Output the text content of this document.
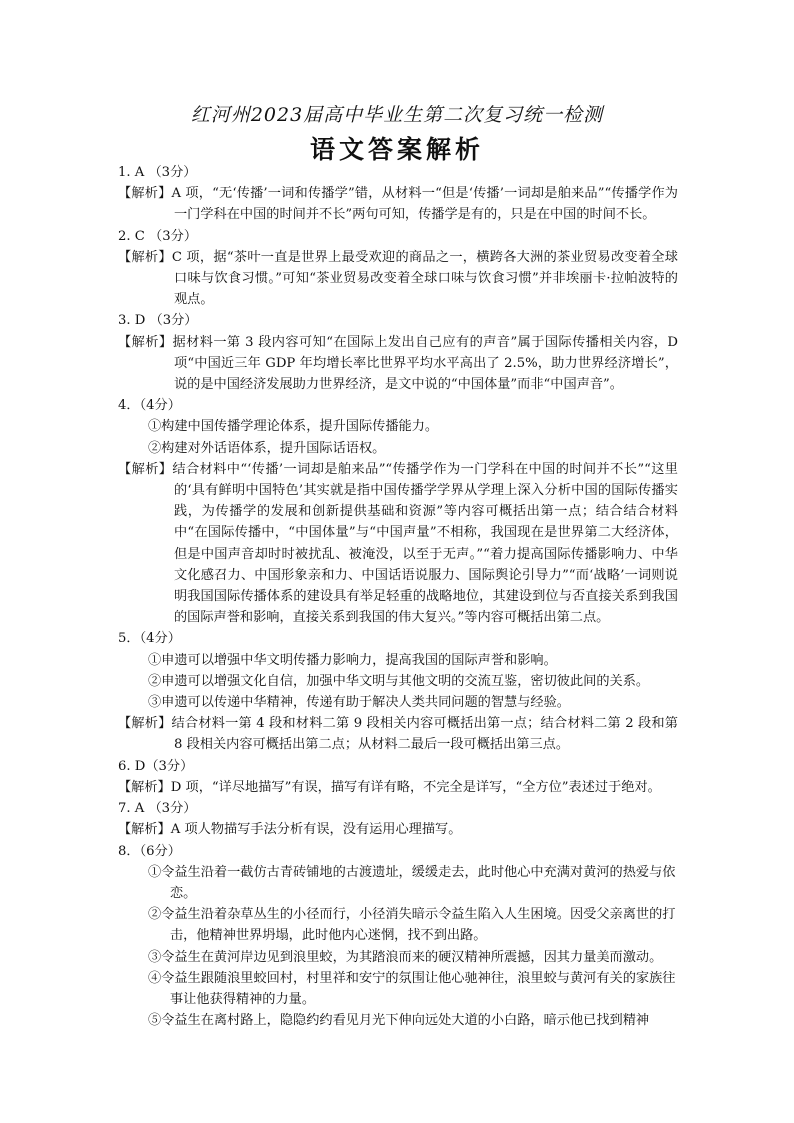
红河州2023届高中毕业生第二次复习统一检测
语文答案解析
1. A （3分）
【解析】A 项，“无‘传播’一词和传播学”错，从材料一“但是‘传播’一词却是舶来品”“传播学作为一门学科在中国的时间并不长”两句可知，传播学是有的，只是在中国的时间不长。
2. C （3分）
【解析】C 项，据“茶叶一直是世界上最受欢迎的商品之一，横跨各大洲的茶业贸易改变着全球口味与饮食习惯。”可知“茶业贸易改变着全球口味与饮食习惯”并非埃丽卡·拉帕波特的观点。
3. D （3分）
【解析】据材料一第 3 段内容可知“在国际上发出自己应有的声音”属于国际传播相关内容，D 项“中国近三年 GDP 年均增长率比世界平均水平高出了 2.5%，助力世界经济增长”，说的是中国经济发展助力世界经济，是文中说的“中国体量”而非“中国声音”。
4．（4分）
①构建中国传播学理论体系，提升国际传播能力。
②构建对外话语体系，提升国际话语权。
【解析】结合材料中“‘传播’一词却是舶来品”“传播学作为一门学科在中国的时间并不长”“这里的‘具有鲜明中国特色’其实就是指中国传播学学界从学理上深入分析中国的国际传播实践，为传播学的发展和创新提供基础和资源”等内容可概括出第一点；结合结合材料中“在国际传播中，“中国体量”与“中国声量”不相称，我国现在是世界第二大经济体，但是中国声音却时时被扰乱、被淹没，以至于无声。”“着力提高国际传播影响力、中华文化感召力、中国形象亲和力、中国话语说服力、国际舆论引导力”“而‘战略’一词则说明我国国际传播体系的建设具有举足轻重的战略地位，其建设到位与否直接关系到我国的国际声誉和影响，直接关系到我国的伟大复兴。”等内容可概括出第二点。
5．（4分）
①申遗可以增强中华文明传播力影响力，提高我国的国际声誉和影响。
②申遗可以增强文化自信，加强中华文明与其他文明的交流互鉴，密切彼此间的关系。
③申遗可以传递中华精神，传递有助于解决人类共同问题的智慧与经验。
【解析】结合材料一第 4 段和材料二第 9 段相关内容可概括出第一点；结合材料二第 2 段和第 8 段相关内容可概括出第二点；从材料二最后一段可概括出第三点。
6. D（3分）
【解析】D 项，“详尽地描写”有误，描写有详有略，不完全是详写，“全方位”表述过于绝对。
7. A （3分）
【解析】A 项人物描写手法分析有误，没有运用心理描写。
8．（6分）
①令益生沿着一截仿古青砖铺地的古渡遗址，缓缓走去，此时他心中充满对黄河的热爱与依恋。
②令益生沿着杂草丛生的小径而行，小径消失暗示令益生陷入人生困境。因受父亲离世的打击，他精神世界坍塌，此时他内心迷惘，找不到出路。
③令益生在黄河岸边见到浪里蛟，为其踏浪而来的硬汉精神所震撼，因其力量美而激动。
④令益生跟随浪里蛟回村，村里祥和安宁的氛围让他心驰神往，浪里蛟与黄河有关的家族往事让他获得精神的力量。
⑤令益生在离村路上，隐隐约约看见月光下伸向远处大道的小白路，暗示他已找到精神
